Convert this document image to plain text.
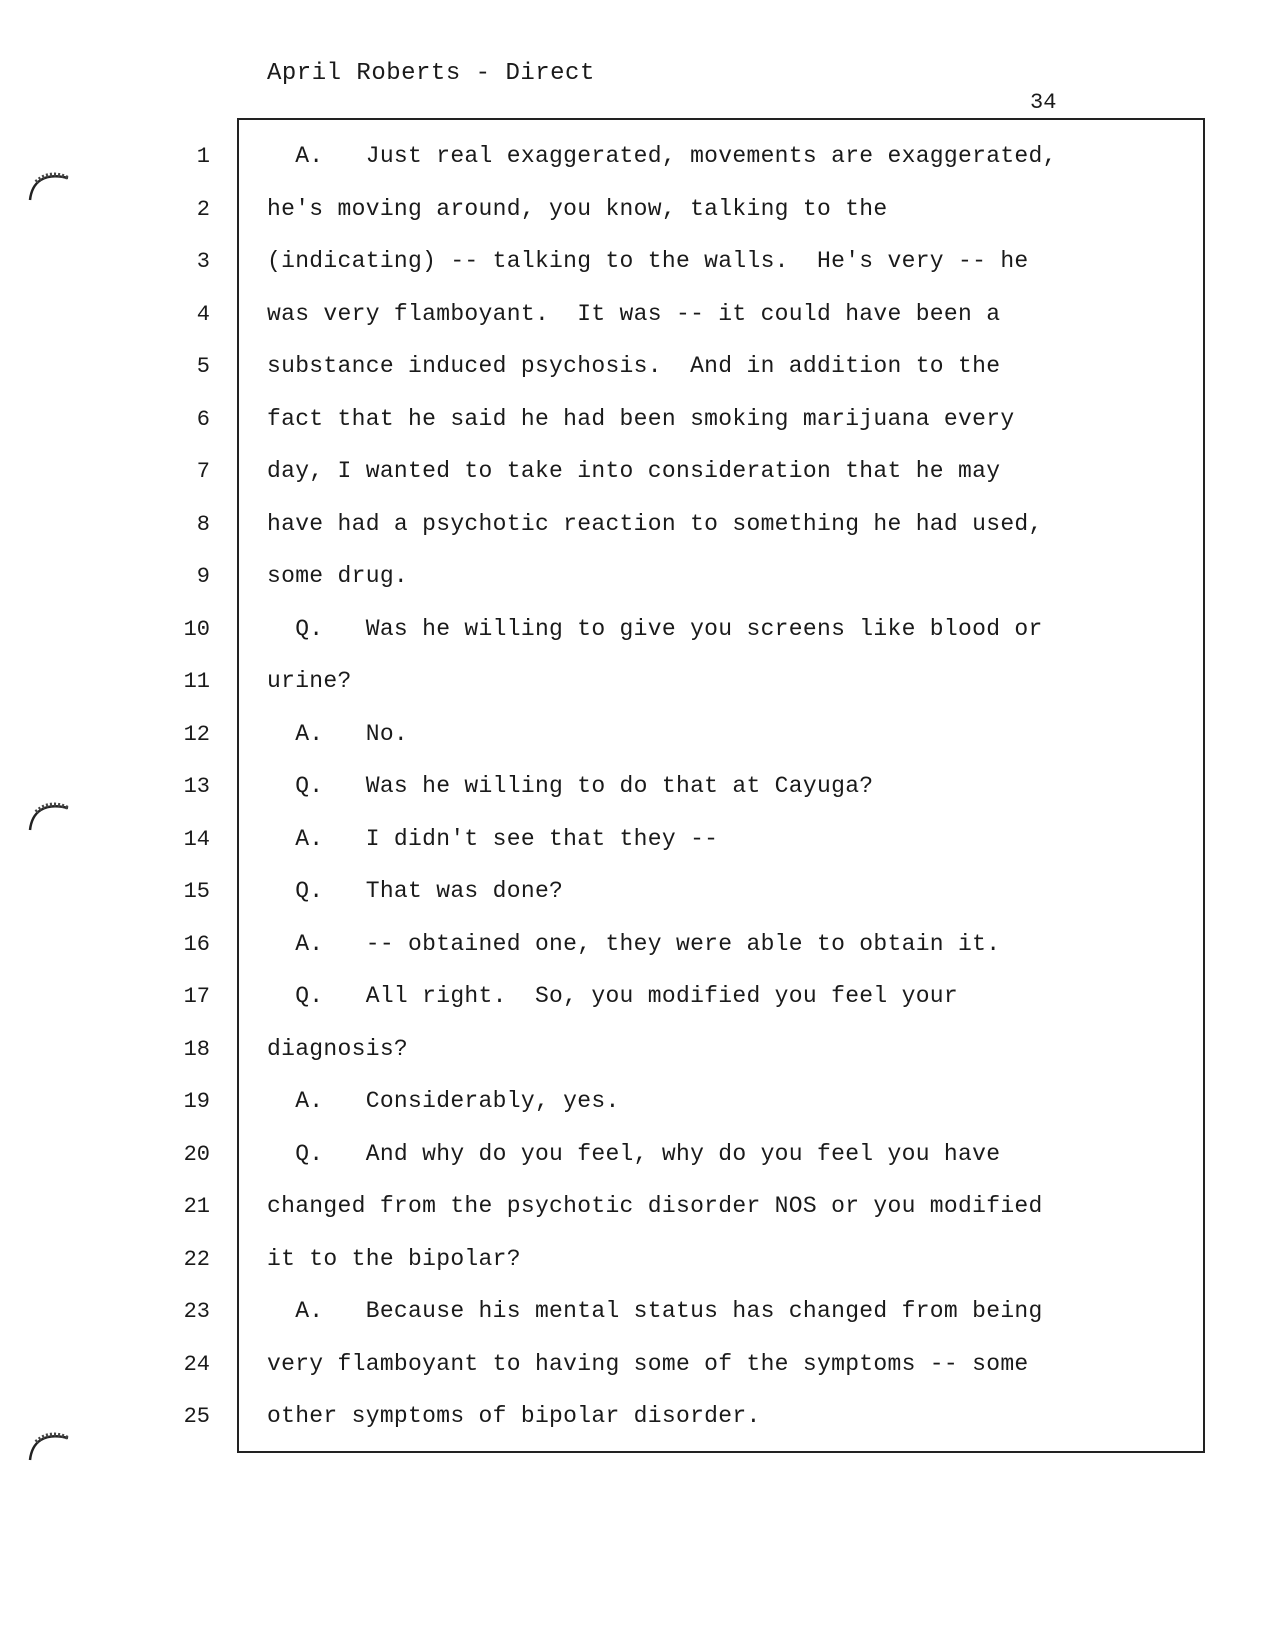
April Roberts - Direct
34
1
2
3
4
5
6
7
8
9
10
11
12
13
14
15
16
17
18
19
20
21
22
23
24
25
A.   Just real exaggerated, movements are exaggerated,
he's moving around, you know, talking to the
(indicating) -- talking to the walls.  He's very -- he
was very flamboyant.  It was -- it could have been a
substance induced psychosis.  And in addition to the
fact that he said he had been smoking marijuana every
day, I wanted to take into consideration that he may
have had a psychotic reaction to something he had used,
some drug.
Q.   Was he willing to give you screens like blood or
urine?
A.   No.
Q.   Was he willing to do that at Cayuga?
A.   I didn't see that they --
Q.   That was done?
A.   -- obtained one, they were able to obtain it.
Q.   All right.  So, you modified you feel your
diagnosis?
A.   Considerably, yes.
Q.   And why do you feel, why do you feel you have
changed from the psychotic disorder NOS or you modified
it to the bipolar?
A.   Because his mental status has changed from being
very flamboyant to having some of the symptoms -- some
other symptoms of bipolar disorder.
